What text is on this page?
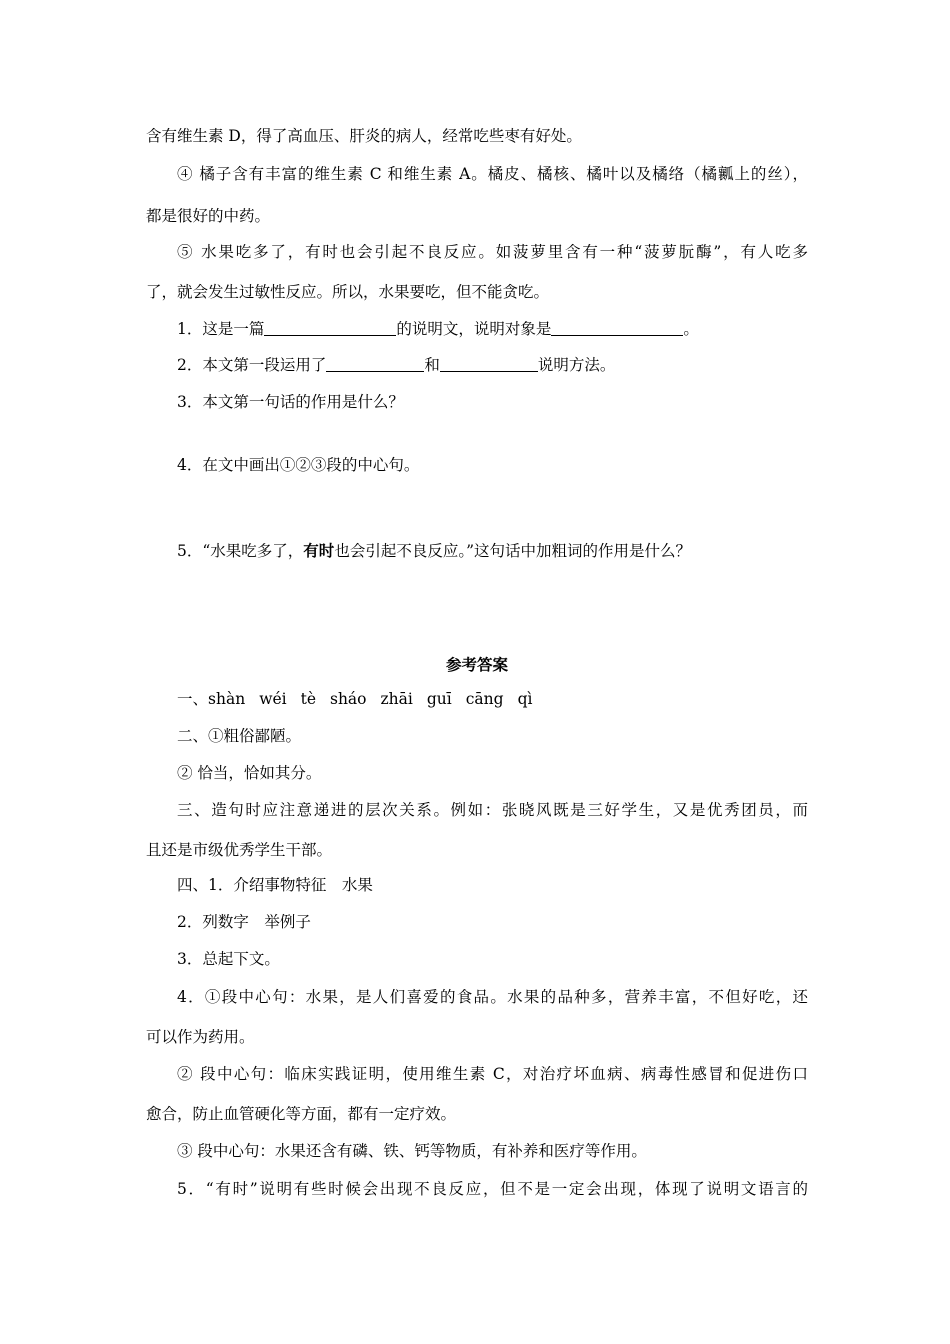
含有维生素 D，得了高血压、肝炎的病人，经常吃些枣有好处。
④ 橘子含有丰富的维生素 C 和维生素 A。橘皮、橘核、橘叶以及橘络（橘瓤上的丝），
都是很好的中药。
⑤ 水果吃多了，有时也会引起不良反应。如菠萝里含有一种“菠萝朊酶”，有人吃多
了，就会发生过敏性反应。所以，水果要吃，但不能贪吃。
1．这是一篇	的说明文，说明对象是	。
2．本文第一段运用了	和	说明方法。
3．本文第一句话的作用是什么？
4．在文中画出①②③段的中心句。
5．“水果吃多了，有时也会引起不良反应。”这句话中加粗词的作用是什么？
参考答案
一、shàn wéi tè sháo zhāi guī cāng qì
二、①粗俗鄙陋。
② 恰当，恰如其分。
三、造句时应注意递进的层次关系。例如：张晓风既是三好学生，又是优秀团员，而
且还是市级优秀学生干部。
四、1．介绍事物特征　水果
2．列数字　举例子
3．总起下文。
4．①段中心句：水果，是人们喜爱的食品。水果的品种多，营养丰富，不但好吃，还
可以作为药用。
② 段中心句：临床实践证明，使用维生素 C，对治疗坏血病、病毒性感冒和促进伤口
愈合，防止血管硬化等方面，都有一定疗效。
③ 段中心句：水果还含有磷、铁、钙等物质，有补养和医疗等作用。
5．“有时”说明有些时候会出现不良反应，但不是一定会出现，体现了说明文语言的
